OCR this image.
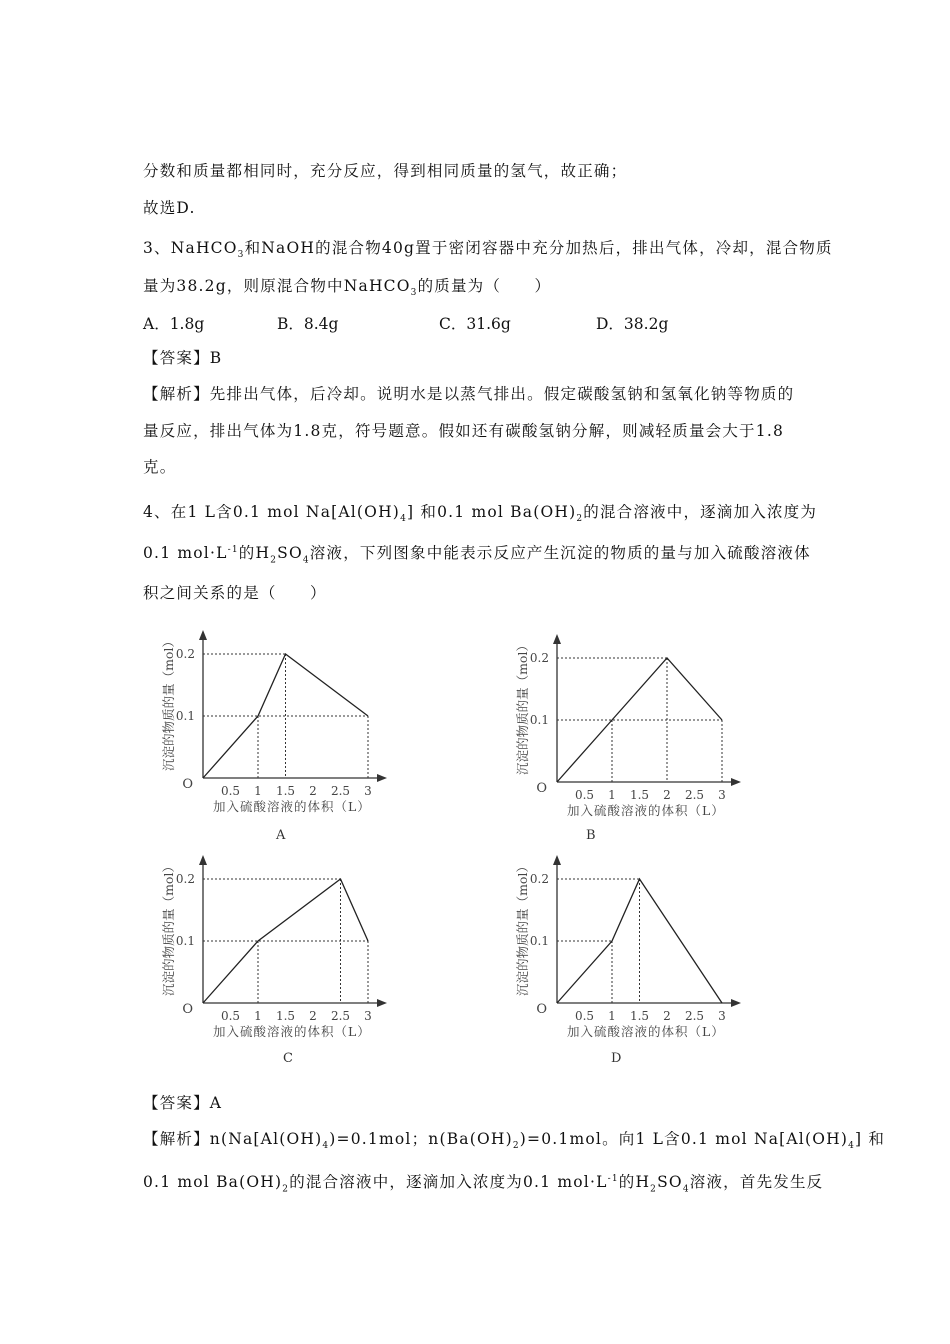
分数和质量都相同时，充分反应，得到相同质量的氢气，故正确；
故选D.
3、NaHCO$_3$和NaOH的混合物40g置于密闭容器中充分加热后，排出气体，冷却，混合物质
量为38.2g，则原混合物中NaHCO$_3$的质量为（　　）
A．1.8g	B．8.4g	C．31.6g	D．38.2g
【答案】B
【解析】先排出气体，后冷却。说明水是以蒸气排出。假定碳酸氢钠和氢氧化钠等物质的
量反应，排出气体为1.8克，符号题意。假如还有碳酸氢钠分解，则减轻质量会大于1.8
克。
4、在1 L含0.1 mol $Na[Al(OH)_4]$ 和0.1 mol $Ba(OH)_2$的混合溶液中，逐滴加入浓度为
0.1 $mol\cdot L^{-1}$的$H_2SO_4$溶液，下列图象中能表示反应产生沉淀的物质的量与加入硫酸溶液体
积之间关系的是（　　）
0.5 1 1.5 2 2.5 3
0.1
0.2
O
加入硫酸溶液的体积（L）
沉淀的物质的量（mol）
0.5 1 1.5 2 2.5 3
0.1
0.2
O
加入硫酸溶液的体积（L）
沉淀的物质的量（mol）
0.5 1 1.5 2 2.5 3
0.1
0.2
O
加入硫酸溶液的体积（L）
沉淀的物质的量（mol）
0.5 1 1.5 2 2.5 3
0.1
0.2
O
加入硫酸溶液的体积（L）
沉淀的物质的量（mol）
A	B
C	D
【答案】A
【解析】$n(Na[Al(OH)_4)=0.1mol$；$n(Ba(OH)_2)=0.1mol$。向1 L含0.1 mol $Na[Al(OH)_4]$ 和
0.1 mol $Ba(OH)_2$的混合溶液中，逐滴加入浓度为0.1 $mol\cdot L^{-1}$的$H_2SO_4$溶液，首先发生反
